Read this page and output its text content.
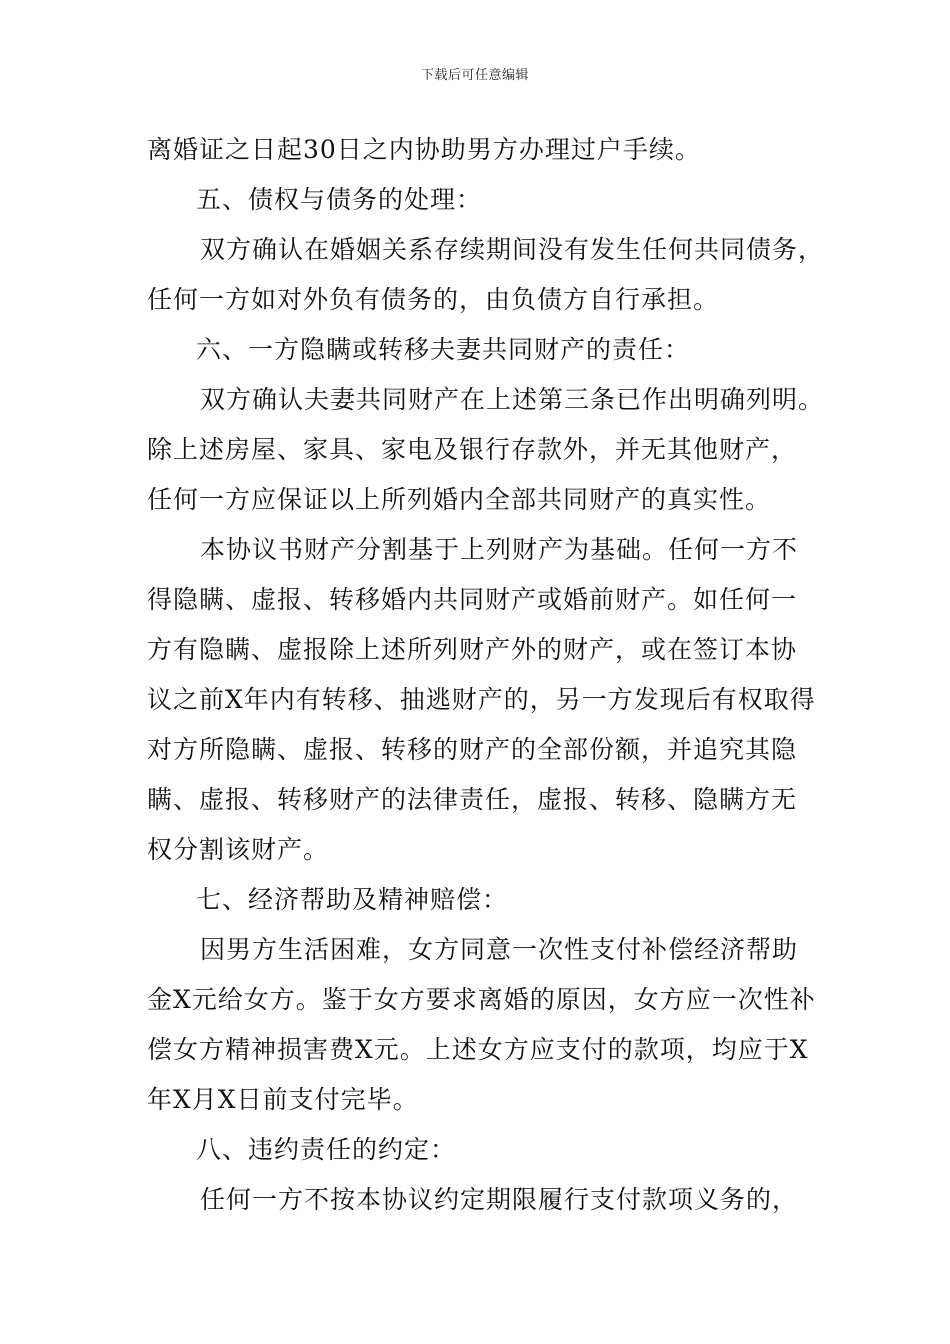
下载后可任意编辑
离婚证之日起30日之内协助男方办理过户手续。
五、债权与债务的处理：
双方确认在婚姻关系存续期间没有发生任何共同债务，
任何一方如对外负有债务的，由负债方自行承担。
六、一方隐瞒或转移夫妻共同财产的责任：
双方确认夫妻共同财产在上述第三条已作出明确列明。
除上述房屋、家具、家电及银行存款外，并无其他财产，
任何一方应保证以上所列婚内全部共同财产的真实性。
本协议书财产分割基于上列财产为基础。任何一方不
得隐瞒、虚报、转移婚内共同财产或婚前财产。如任何一
方有隐瞒、虚报除上述所列财产外的财产，或在签订本协
议之前X年内有转移、抽逃财产的，另一方发现后有权取得
对方所隐瞒、虚报、转移的财产的全部份额，并追究其隐
瞒、虚报、转移财产的法律责任，虚报、转移、隐瞒方无
权分割该财产。
七、经济帮助及精神赔偿：
因男方生活困难，女方同意一次性支付补偿经济帮助
金X元给女方。鉴于女方要求离婚的原因，女方应一次性补
偿女方精神损害费X元。上述女方应支付的款项，均应于X
年X月X日前支付完毕。
八、违约责任的约定：
任何一方不按本协议约定期限履行支付款项义务的，
